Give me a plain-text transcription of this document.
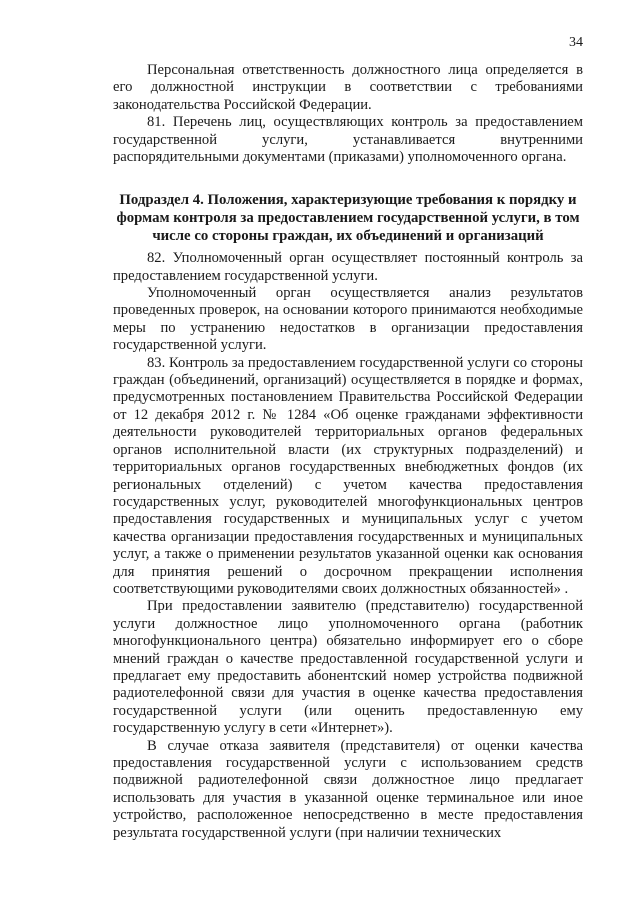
34

Персональная ответственность должностного лица определяется в его должностной инструкции в соответствии с требованиями законодательства Российской Федерации.

81. Перечень лиц, осуществляющих контроль за предоставлением государственной услуги, устанавливается внутренними распорядительными документами (приказами) уполномоченного органа.

Подраздел 4. Положения, характеризующие требования к порядку и формам контроля за предоставлением государственной услуги, в том числе со стороны граждан, их объединений и организаций

82. Уполномоченный орган осуществляет постоянный контроль за предоставлением государственной услуги.

Уполномоченный орган осуществляется анализ результатов проведенных проверок, на основании которого принимаются необходимые меры по устранению недостатков в организации предоставления государственной услуги.

83. Контроль за предоставлением государственной услуги со стороны граждан (объединений, организаций) осуществляется в порядке и формах, предусмотренных постановлением Правительства Российской Федерации от 12 декабря 2012 г. № 1284 «Об оценке гражданами эффективности деятельности руководителей территориальных органов федеральных органов исполнительной власти (их структурных подразделений) и территориальных органов государственных внебюджетных фондов (их региональных отделений) с учетом качества предоставления государственных услуг, руководителей многофункциональных центров предоставления государственных и муниципальных услуг с учетом качества организации предоставления государственных и муниципальных услуг, а также о применении результатов указанной оценки как основания для принятия решений о досрочном прекращении исполнения соответствующими руководителями своих должностных обязанностей» .

При предоставлении заявителю (представителю) государственной услуги должностное лицо уполномоченного органа (работник многофункционального центра) обязательно информирует его о сборе мнений граждан о качестве предоставленной государственной услуги и предлагает ему предоставить абонентский номер устройства подвижной радиотелефонной связи для участия в оценке качества предоставления государственной услуги (или оценить предоставленную ему государственную услугу в сети «Интернет»).

В случае отказа заявителя (представителя) от оценки качества предоставления государственной услуги с использованием средств подвижной радиотелефонной связи должностное лицо предлагает использовать для участия в указанной оценке терминальное или иное устройство, расположенное непосредственно в месте предоставления результата государственной услуги (при наличии технических
